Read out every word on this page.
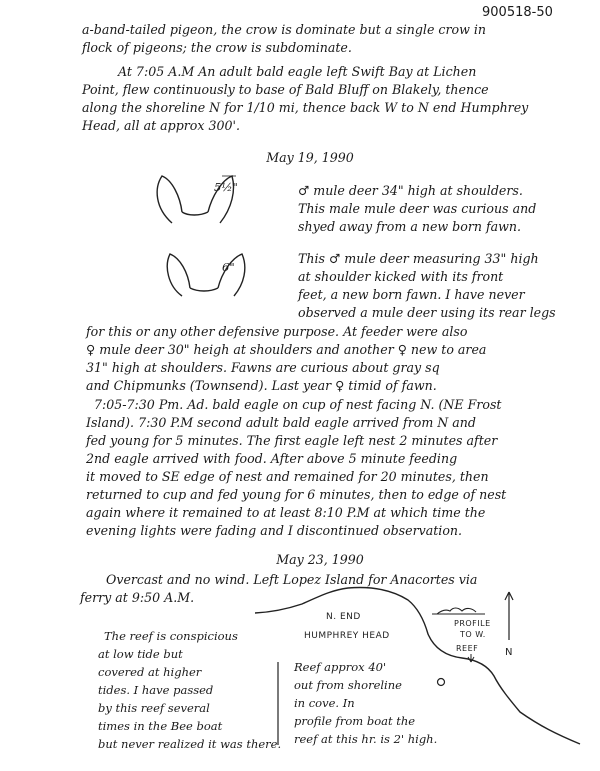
900518-50
a-band-tailed pigeon, the crow is dominate but a single crow in
flock of pigeons; the crow is subdominate.
At 7:05 A.M An adult bald eagle left Swift Bay at Lichen
Point, flew continuously to base of Bald Bluff on Blakely, thence
along the shoreline N for 1/10 mi, thence back W to N end Humphrey
Head, all at approx 300'.
May 19, 1990
5½"
6"
♂ mule deer 34" high at shoulders.
This male mule deer was curious and
shyed away from a new born fawn.
This ♂ mule deer measuring 33" high
at shoulder kicked with its front
feet, a new born fawn. I have never
observed a mule deer using its rear legs
for this or any other defensive purpose. At feeder were also
♀ mule deer 30" heigh at shoulders and another ♀ new to area
31" high at shoulders. Fawns are curious about gray sq
and Chipmunks (Townsend). Last year ♀ timid of fawn.
7:05-7:30 Pm. Ad. bald eagle on cup of nest facing N. (NE Frost
Island). 7:30 P.M second adult bald eagle arrived from N and
fed young for 5 minutes. The first eagle left nest 2 minutes after
2nd eagle arrived with food. After above 5 minute feeding
it moved to SE edge of nest and remained for 20 minutes, then
returned to cup and fed young for 6 minutes, then to edge of nest
again where it remained to at least 8:10 P.M at which time the
evening lights were fading and I discontinued observation.
May 23, 1990
Overcast and no wind. Left Lopez Island for Anacortes via
ferry at 9:50 A.M.
N. END
HUMPHREY HEAD
PROFILE
TO W.
REEF	N
The reef is conspicious
at low tide but
covered at higher
tides. I have passed
by this reef several
times in the Bee boat
but never realized it was there.
Reef approx 40'
out from shoreline
in cove. In
profile from boat the
reef at this hr. is 2' high.
